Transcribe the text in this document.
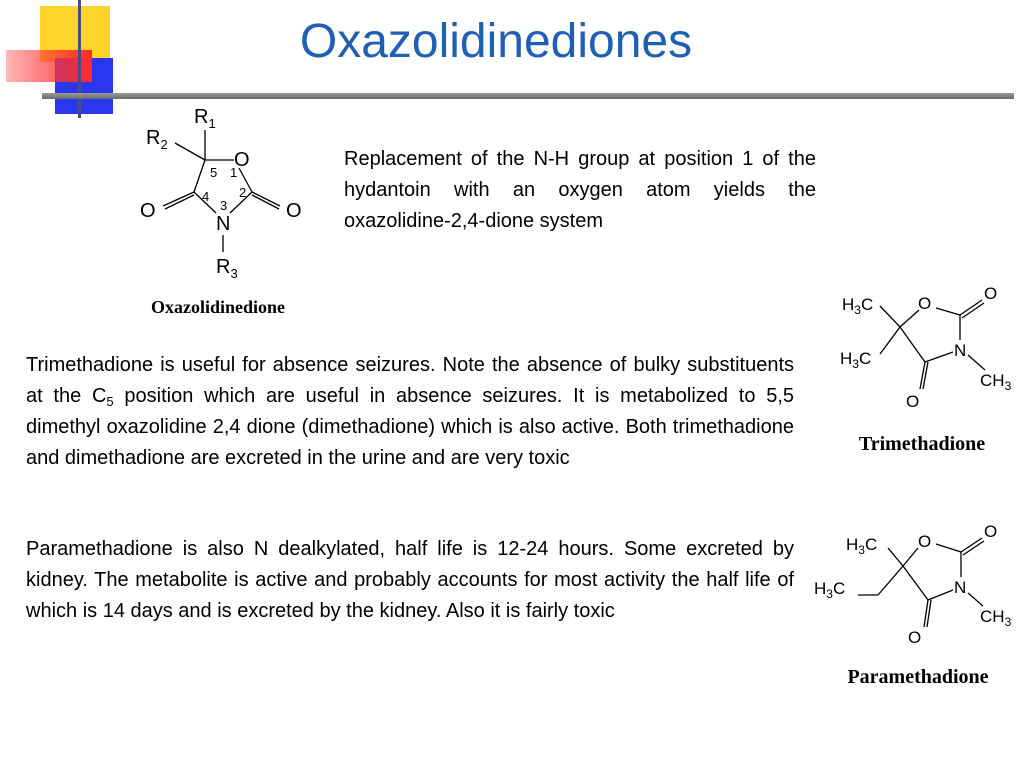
Oxazolidinediones
$R_1$
$R_2$
O
O	O
N
$R_3$
5 1
4
3
2
Oxazolidinedione
Replacement of the N-H group at position 1 of the hydantoin with an oxygen atom yields the oxazolidine-2,4-dione system

Trimethadione is useful for absence seizures. Note the absence of bulky substituents at the $C_5$ position which are useful in absence seizures. It is metabolized to 5,5 dimethyl oxazolidine 2,4 dione (dimethadione) which is also active. Both trimethadione and dimethadione are excreted in the urine and are very toxic

Paramethadione is also N dealkylated, half life is 12-24 hours. Some excreted by kidney. The metabolite is active and probably accounts for most activity the half life of which is 14 days and is excreted by the kidney. Also it is fairly toxic

$H_3C$
$H_3C$
O
O
N
$CH_3$
O
Trimethadione
$H_3C$
$H_3C$
O
O
N
$CH_3$
O
Paramethadione
